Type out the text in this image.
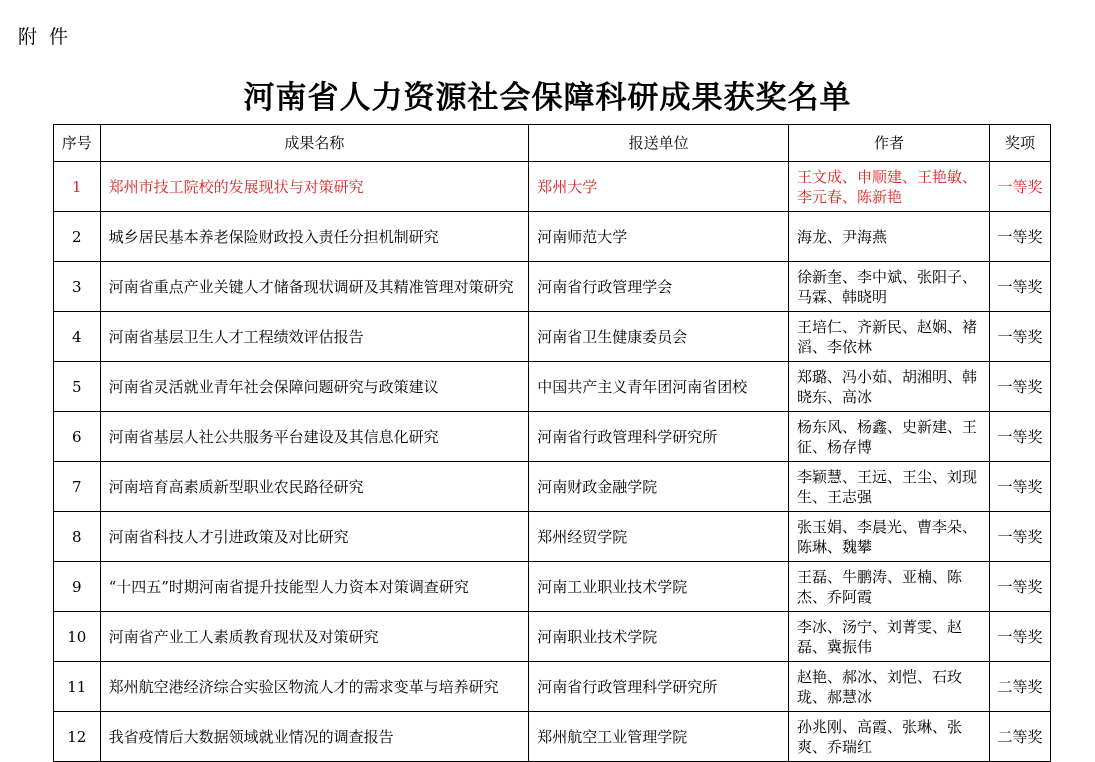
附件
河南省人力资源社会保障科研成果获奖名单
序号	成果名称	报送单位	作者	奖项
1	郑州市技工院校的发展现状与对策研究	郑州大学	王文成、申顺建、王艳敏、李元春、陈新艳	一等奖
2	城乡居民基本养老保险财政投入责任分担机制研究	河南师范大学	海龙、尹海燕	一等奖
3	河南省重点产业关键人才储备现状调研及其精准管理对策研究	河南省行政管理学会	徐新奎、李中斌、张阳子、马霖、韩晓明	一等奖
4	河南省基层卫生人才工程绩效评估报告	河南省卫生健康委员会	王培仁、齐新民、赵娴、褚滔、李依林	一等奖
5	河南省灵活就业青年社会保障问题研究与政策建议	中国共产主义青年团河南省团校	郑璐、冯小茹、胡湘明、韩晓东、高冰	一等奖
6	河南省基层人社公共服务平台建设及其信息化研究	河南省行政管理科学研究所	杨东风、杨鑫、史新建、王征、杨存博	一等奖
7	河南培育高素质新型职业农民路径研究	河南财政金融学院	李颖慧、王远、王尘、刘现生、王志强	一等奖
8	河南省科技人才引进政策及对比研究	郑州经贸学院	张玉娟、李晨光、曹李朵、陈琳、魏攀	一等奖
9	“十四五”时期河南省提升技能型人力资本对策调查研究	河南工业职业技术学院	王磊、牛鹏涛、亚楠、陈杰、乔阿霞	一等奖
10	河南省产业工人素质教育现状及对策研究	河南职业技术学院	李冰、汤宁、刘菁雯、赵磊、冀振伟	一等奖
11	郑州航空港经济综合实验区物流人才的需求变革与培养研究	河南省行政管理科学研究所	赵艳、郝冰、刘恺、石玫珑、郝慧冰	二等奖
12	我省疫情后大数据领域就业情况的调查报告	郑州航空工业管理学院	孙兆刚、高霞、张琳、张爽、乔瑞红	二等奖
